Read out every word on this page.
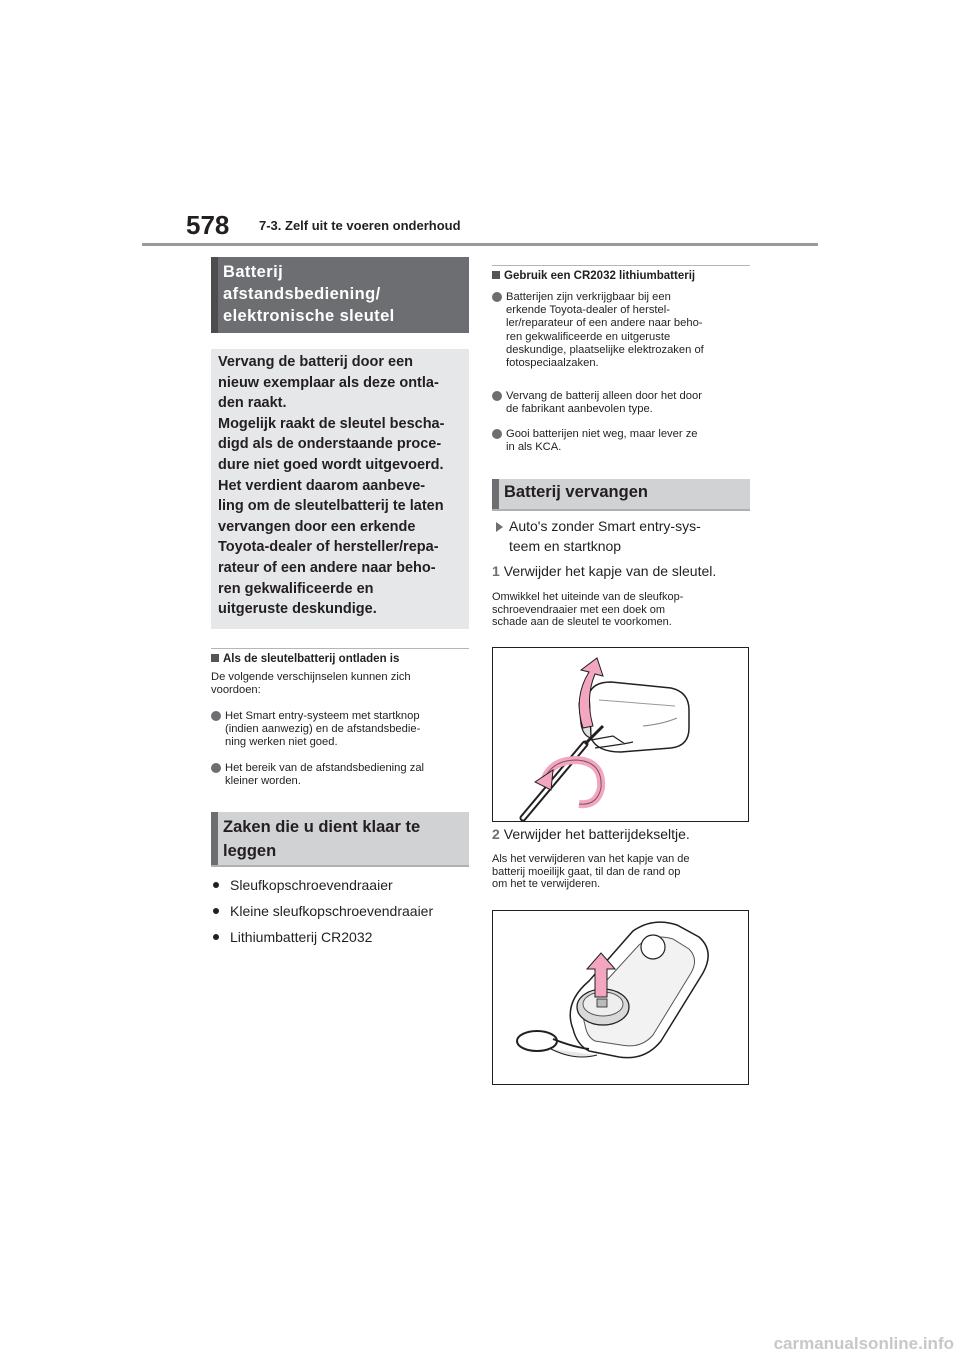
578 7-3. Zelf uit te voeren onderhoud
Batterij
afstandsbediening/
elektronische sleutel
Vervang de batterij door een
nieuw exemplaar als deze ontla-
den raakt.
Mogelijk raakt de sleutel bescha-
digd als de onderstaande proce-
dure niet goed wordt uitgevoerd.
Het verdient daarom aanbeve-
ling om de sleutelbatterij te laten
vervangen door een erkende
Toyota-dealer of hersteller/repa-
rateur of een andere naar beho-
ren gekwalificeerde en
uitgeruste deskundige.
Als de sleutelbatterij ontladen is
De volgende verschijnselen kunnen zich
voordoen:
Het Smart entry-systeem met startknop
(indien aanwezig) en de afstandsbedie-
ning werken niet goed.
Het bereik van de afstandsbediening zal
kleiner worden.
Zaken die u dient klaar te
leggen
Sleufkopschroevendraaier
Kleine sleufkopschroevendraaier
Lithiumbatterij CR2032
Gebruik een CR2032 lithiumbatterij
Batterijen zijn verkrijgbaar bij een
erkende Toyota-dealer of herstel-
ler/reparateur of een andere naar beho-
ren gekwalificeerde en uitgeruste
deskundige, plaatselijke elektrozaken of
fotospeciaalzaken.
Vervang de batterij alleen door het door
de fabrikant aanbevolen type.
Gooi batterijen niet weg, maar lever ze
in als KCA.
Batterij vervangen
Auto's zonder Smart entry-sys-
teem en startknop
1 Verwijder het kapje van de sleutel.
Omwikkel het uiteinde van de sleufkop-
schroevendraaier met een doek om
schade aan de sleutel te voorkomen.
2 Verwijder het batterijdekseltje.
Als het verwijderen van het kapje van de
batterij moeilijk gaat, til dan de rand op
om het te verwijderen.
carmanualsonline.info
